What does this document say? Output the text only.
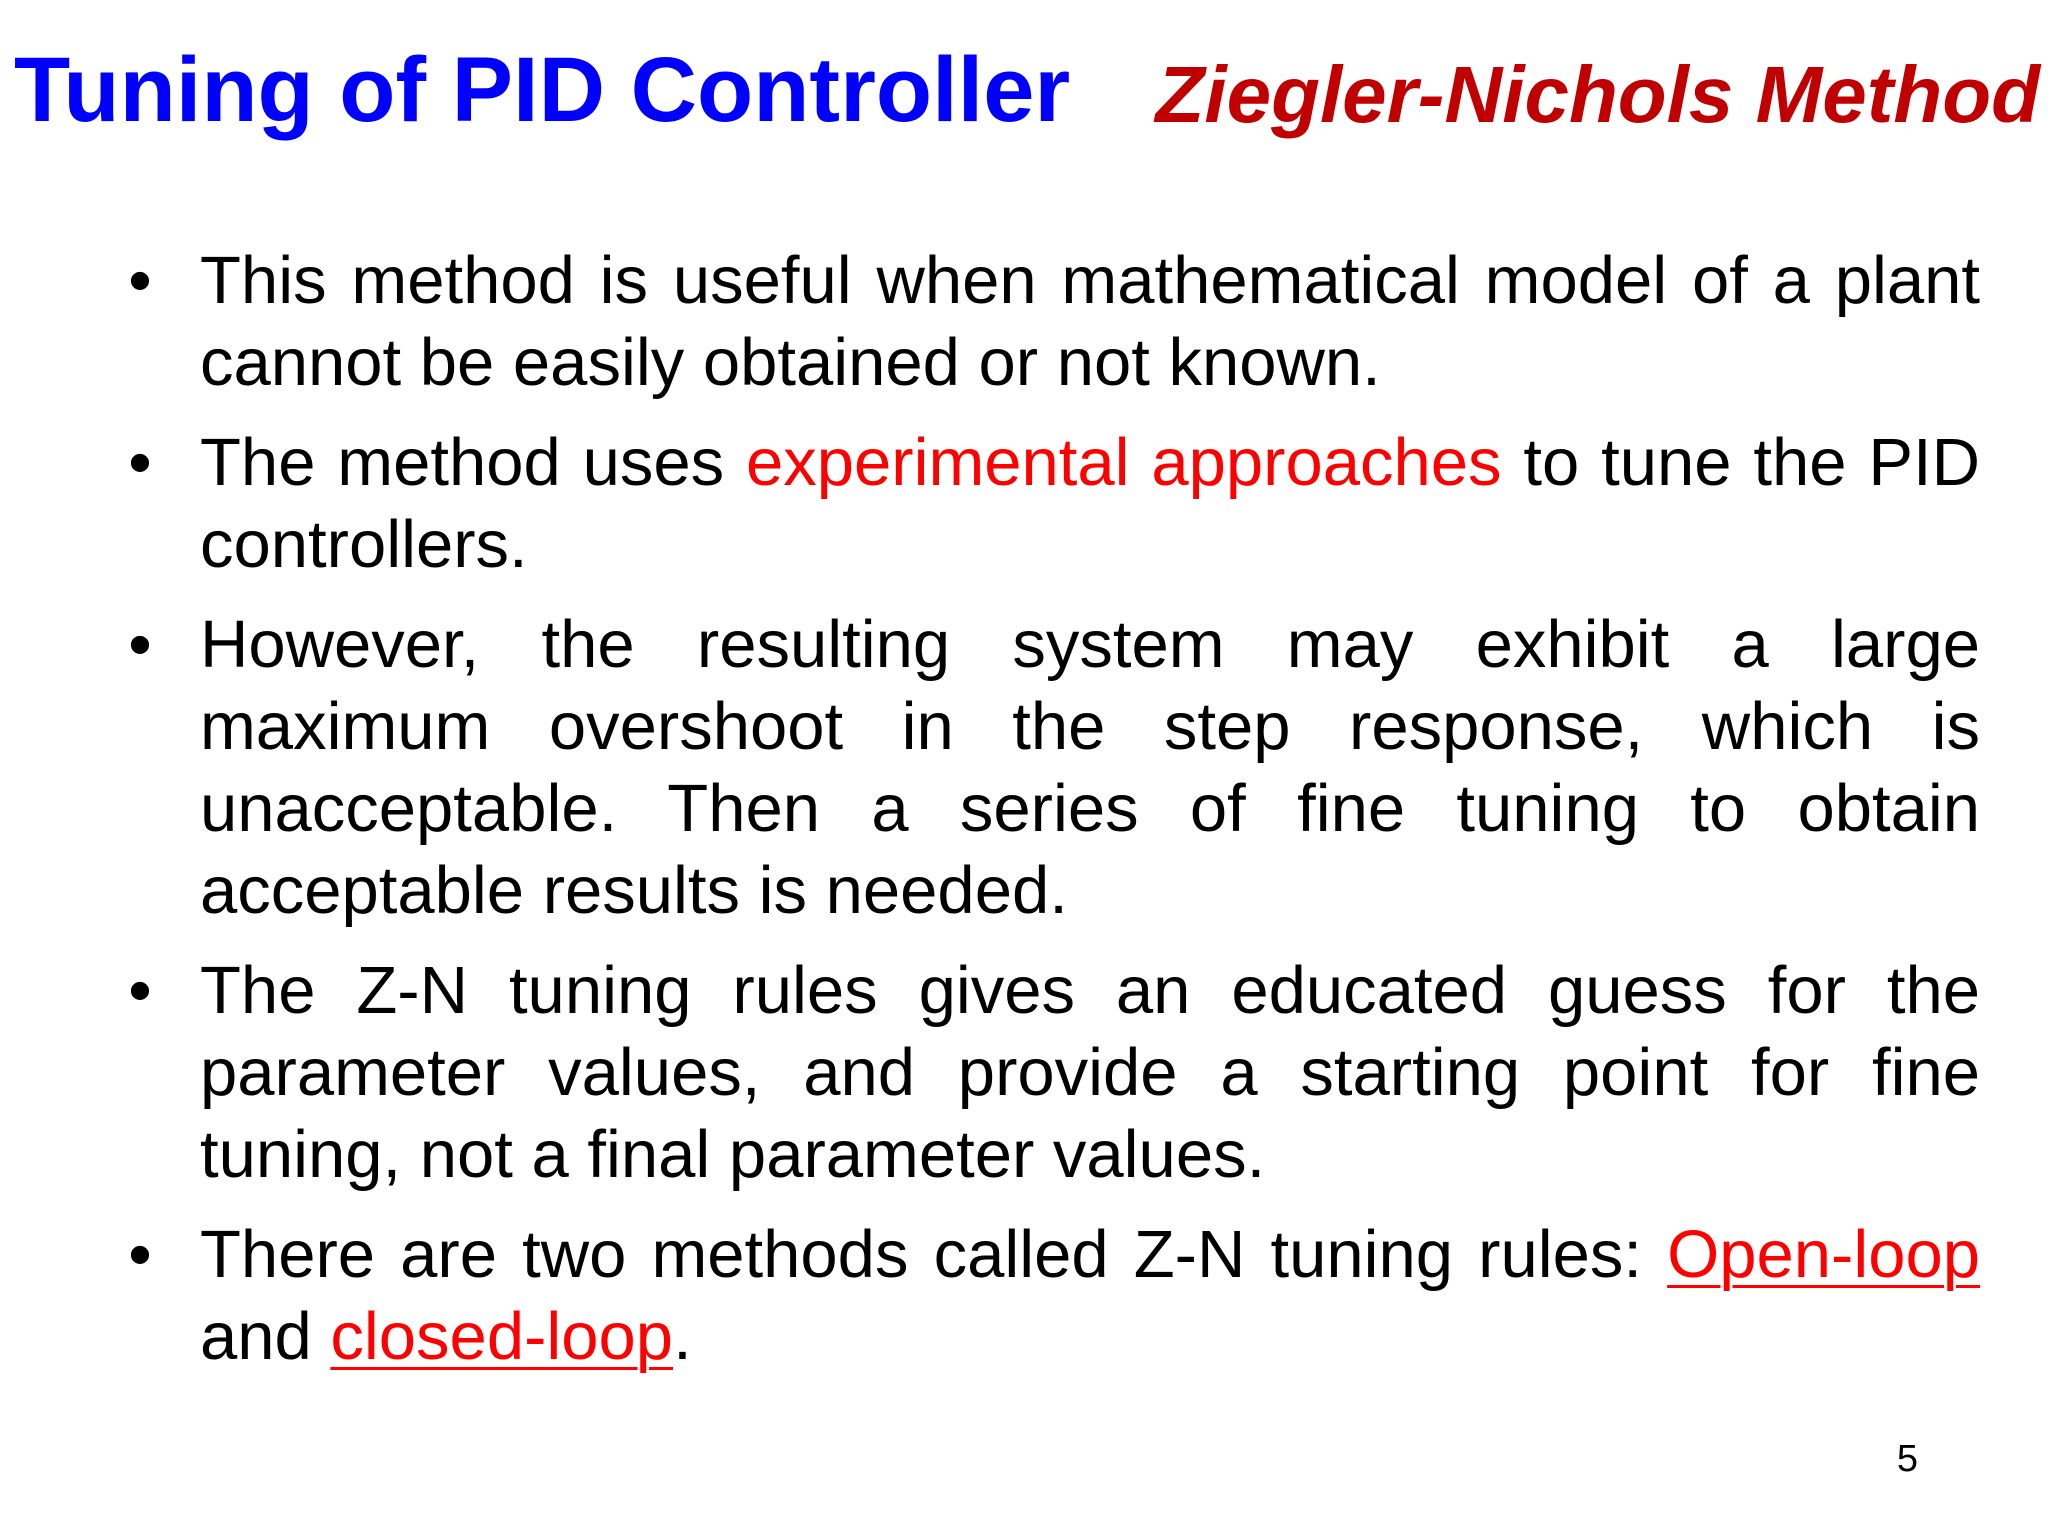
Tuning of PID Controller Ziegler-Nichols Method
• This method is useful when mathematical model of a plant cannot be easily obtained or not known.
• The method uses experimental approaches to tune the PID controllers.
• However, the resulting system may exhibit a large maximum overshoot in the step response, which is unacceptable. Then a series of fine tuning to obtain acceptable results is needed.
• The Z-N tuning rules gives an educated guess for the parameter values, and provide a starting point for fine tuning, not a final parameter values.
• There are two methods called Z-N tuning rules: Open-loop and closed-loop.
5
